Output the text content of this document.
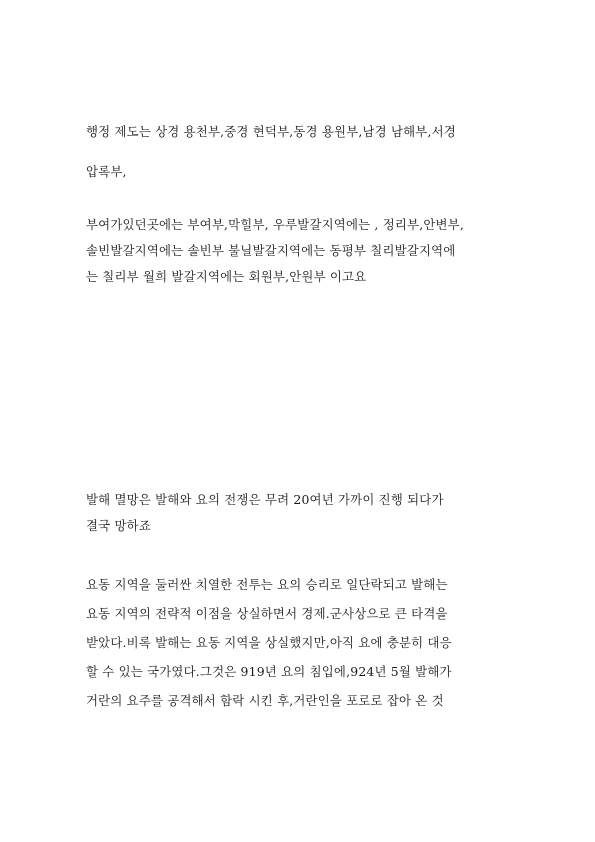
행정 제도는 상경 용천부,중경 현덕부,동경 용원부,남경 남해부,서경
압록부,

부여가있던곳에는 부여부,막힐부, 우루발갈지역에는 , 정리부,안변부,
솔빈발갈지역에는 솔빈부 불닐발갈지역에는 동평부 칠리발갈지역에
는 칠리부 월희 발갈지역에는 회원부,안원부 이고요

발해 멸망은 발해와 요의 전쟁은 무려 20여년 가까이 진행 되다가
결국 망하죠

요동 지역을 둘러싼 치열한 전투는 요의 승리로 일단락되고 발해는
요동 지역의 전략적 이점을 상실하면서 경제.군사상으로 큰 타격을
받았다.비록 발해는 요동 지역을 상실했지만,아직 요에 충분히 대응
할 수 있는 국가였다.그것은 919년 요의 침입에,924년 5월 발해가
거란의 요주를 공격해서 함락 시킨 후,거란인을 포로로 잡아 온 것
